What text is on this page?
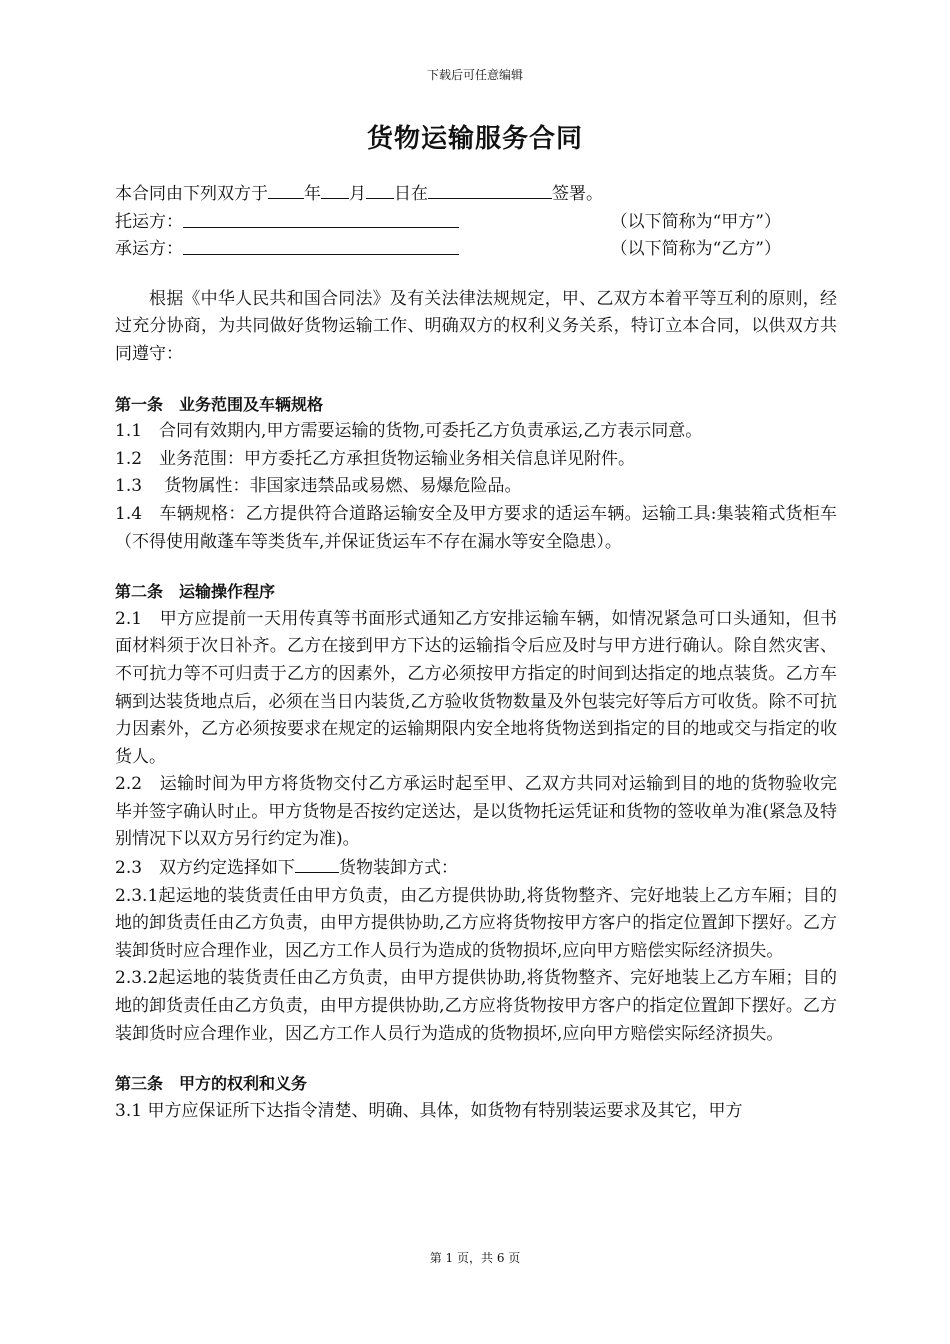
下载后可任意编辑
货物运输服务合同
本合同由下列双方于 年 月 日在	签署。
托运方：	（以下简称为“甲方”）
承运方：	（以下简称为“乙方”）

根据《中华人民共和国合同法》及有关法律法规规定，甲、乙双方本着平等互利的原则，经过充分协商，为共同做好货物运输工作、明确双方的权利义务关系，特订立本合同，以供双方共同遵守：

第一条　业务范围及车辆规格

1.1　合同有效期内,甲方需要运输的货物,可委托乙方负责承运,乙方表示同意。

1.2　业务范围：甲方委托乙方承担货物运输业务相关信息详见附件。

1.3　 货物属性：非国家违禁品或易燃、易爆危险品。

1.4　车辆规格：乙方提供符合道路运输安全及甲方要求的适运车辆。运输工具:集装箱式货柜车（不得使用敞蓬车等类货车,并保证货运车不存在漏水等安全隐患）。

第二条　运输操作程序

2.1　甲方应提前一天用传真等书面形式通知乙方安排运输车辆，如情况紧急可口头通知，但书面材料须于次日补齐。乙方在接到甲方下达的运输指令后应及时与甲方进行确认。除自然灾害、不可抗力等不可归责于乙方的因素外，乙方必须按甲方指定的时间到达指定的地点装货。乙方车辆到达装货地点后，必须在当日内装货,乙方验收货物数量及外包装完好等后方可收货。除不可抗力因素外，乙方必须按要求在规定的运输期限内安全地将货物送到指定的目的地或交与指定的收货人。

2.2　运输时间为甲方将货物交付乙方承运时起至甲、乙双方共同对运输到目的地的货物验收完毕并签字确认时止。甲方货物是否按约定送达，是以货物托运凭证和货物的签收单为准(紧急及特别情况下以双方另行约定为准)。

2.3　双方约定选择如下	货物装卸方式：

2.3.1起运地的装货责任由甲方负责，由乙方提供协助,将货物整齐、完好地装上乙方车厢；目的地的卸货责任由乙方负责，由甲方提供协助,乙方应将货物按甲方客户的指定位置卸下摆好。乙方装卸货时应合理作业，因乙方工作人员行为造成的货物损坏,应向甲方赔偿实际经济损失。

2.3.2起运地的装货责任由乙方负责，由甲方提供协助,将货物整齐、完好地装上乙方车厢；目的地的卸货责任由乙方负责，由甲方提供协助,乙方应将货物按甲方客户的指定位置卸下摆好。乙方装卸货时应合理作业，因乙方工作人员行为造成的货物损坏,应向甲方赔偿实际经济损失。

第三条　甲方的权利和义务

3.1 甲方应保证所下达指令清楚、明确、具体，如货物有特别装运要求及其它，甲方

第 1 页，共 6 页
